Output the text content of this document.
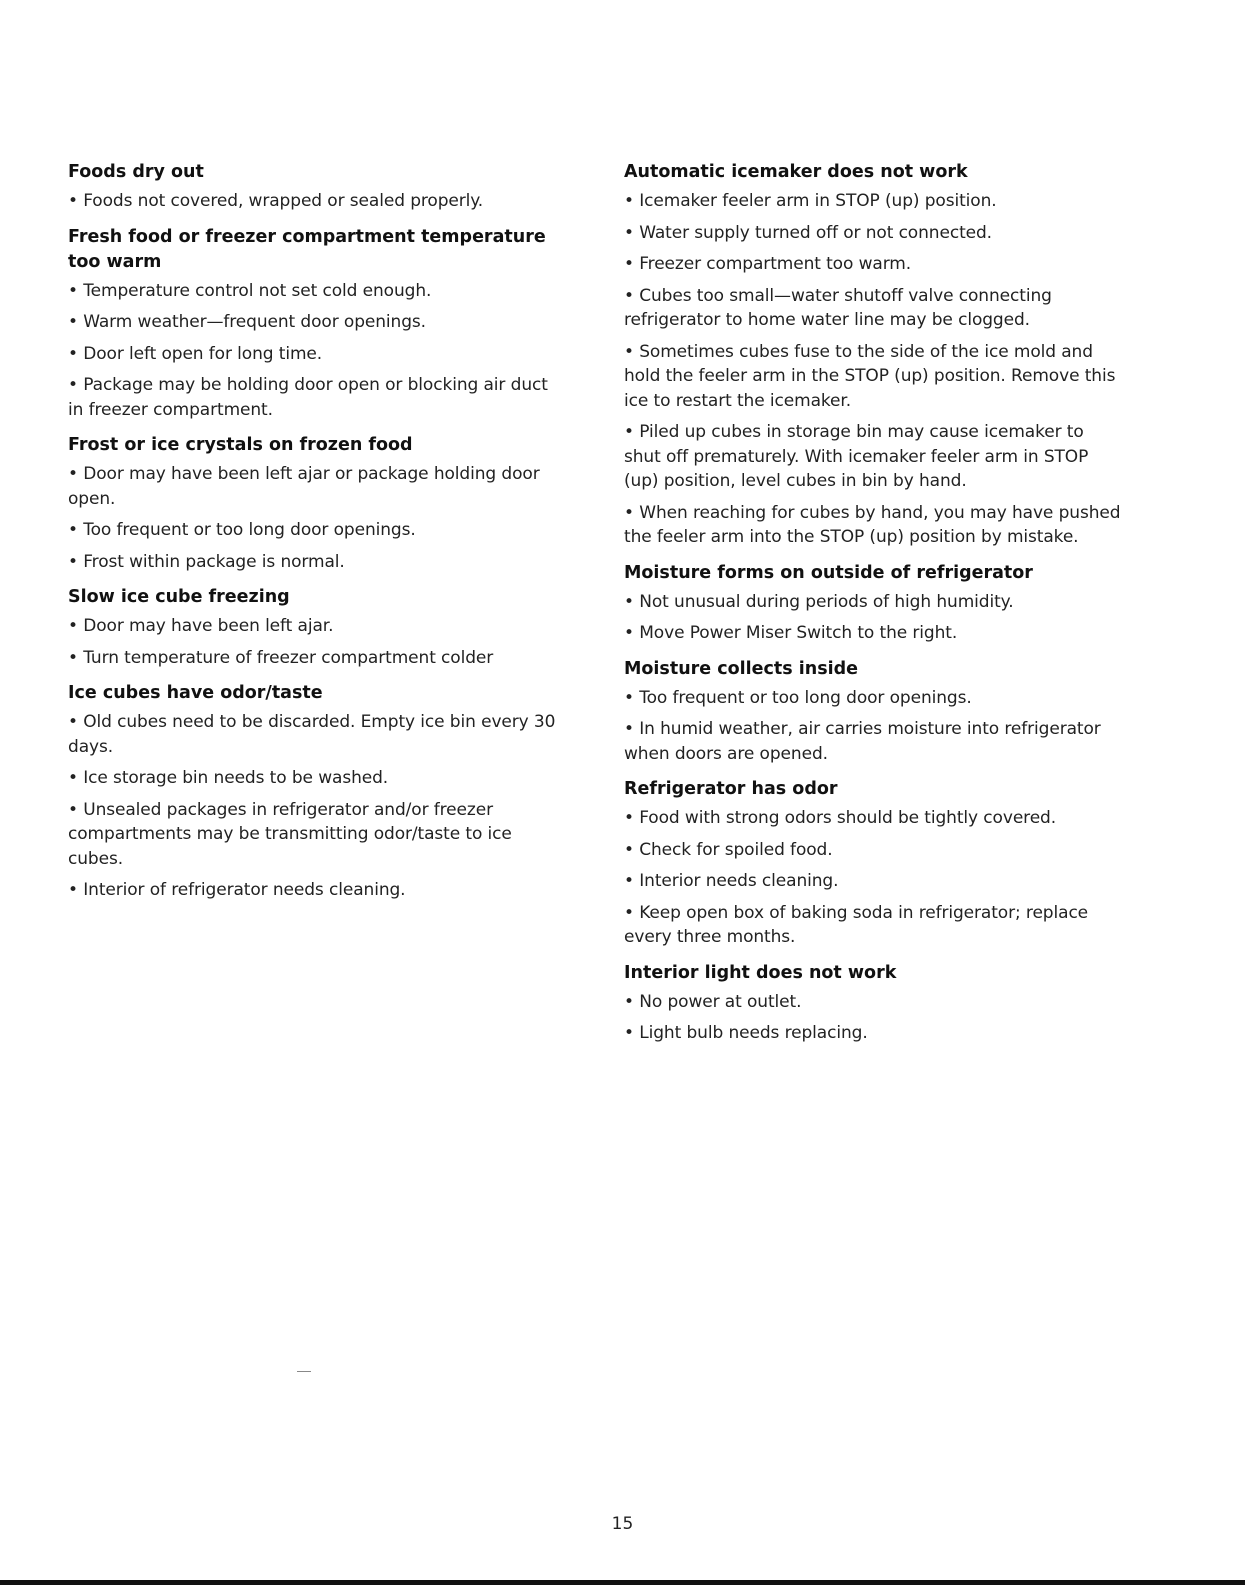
Foods dry out
• Foods not covered, wrapped or sealed properly.
Fresh food or freezer compartment temperature too warm
• Temperature control not set cold enough.
• Warm weather—frequent door openings.
• Door left open for long time.
• Package may be holding door open or blocking air duct in freezer compartment.
Frost or ice crystals on frozen food
• Door may have been left ajar or package holding door open.
• Too frequent or too long door openings.
• Frost within package is normal.
Slow ice cube freezing
• Door may have been left ajar.
• Turn temperature of freezer compartment colder
Ice cubes have odor/taste
• Old cubes need to be discarded. Empty ice bin every 30 days.
• Ice storage bin needs to be washed.
• Unsealed packages in refrigerator and/or freezer compartments may be transmitting odor/taste to ice cubes.
• Interior of refrigerator needs cleaning.
Automatic icemaker does not work
• Icemaker feeler arm in STOP (up) position.
• Water supply turned off or not connected.
• Freezer compartment too warm.
• Cubes too small—water shutoff valve connecting refrigerator to home water line may be clogged.
• Sometimes cubes fuse to the side of the ice mold and hold the feeler arm in the STOP (up) position. Remove this ice to restart the icemaker.
• Piled up cubes in storage bin may cause icemaker to shut off prematurely. With icemaker feeler arm in STOP (up) position, level cubes in bin by hand.
• When reaching for cubes by hand, you may have pushed the feeler arm into the STOP (up) position by mistake.
Moisture forms on outside of refrigerator
• Not unusual during periods of high humidity.
• Move Power Miser Switch to the right.
Moisture collects inside
• Too frequent or too long door openings.
• In humid weather, air carries moisture into refrigerator when doors are opened.
Refrigerator has odor
• Food with strong odors should be tightly covered.
• Check for spoiled food.
• Interior needs cleaning.
• Keep open box of baking soda in refrigerator; replace every three months.
Interior light does not work
• No power at outlet.
• Light bulb needs replacing.
15
